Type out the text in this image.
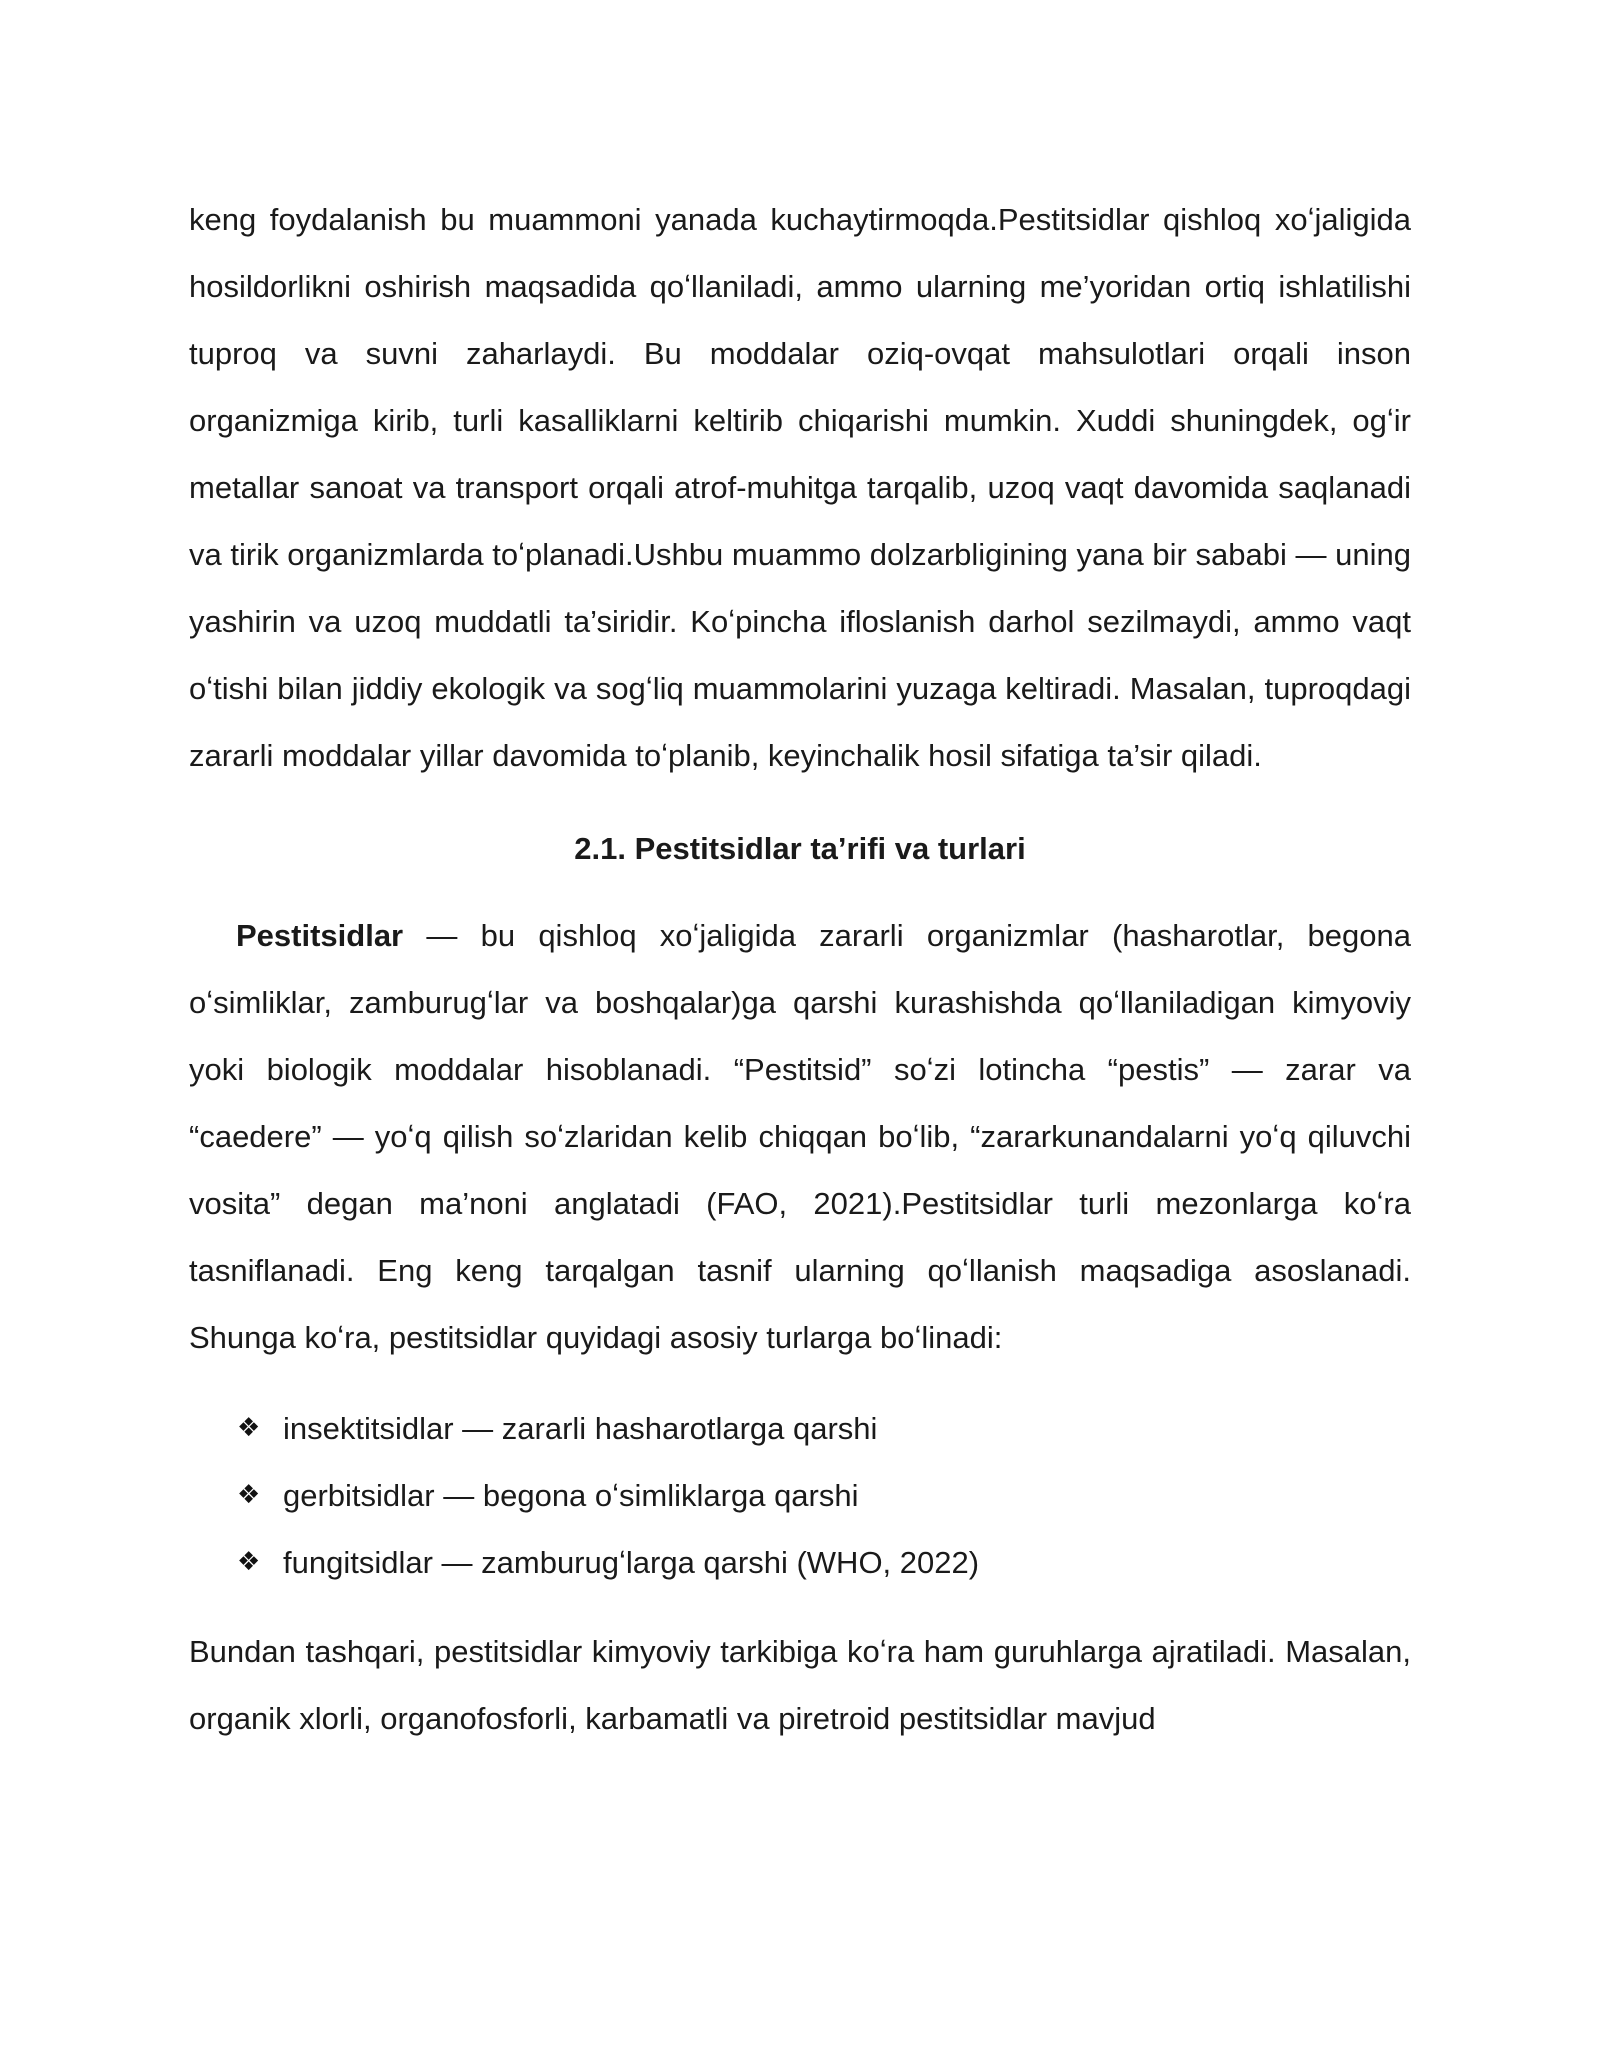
keng foydalanish bu muammoni yanada kuchaytirmoqda.Pestitsidlar qishloq xoʻjaligida hosildorlikni oshirish maqsadida qoʻllaniladi, ammo ularning me’yoridan ortiq ishlatilishi tuproq va suvni zaharlaydi. Bu moddalar oziq-ovqat mahsulotlari orqali inson organizmiga kirib, turli kasalliklarni keltirib chiqarishi mumkin. Xuddi shuningdek, ogʻir metallar sanoat va transport orqali atrof-muhitga tarqalib, uzoq vaqt davomida saqlanadi va tirik organizmlarda toʻplanadi.Ushbu muammo dolzarbligining yana bir sababi — uning yashirin va uzoq muddatli ta’siridir. Koʻpincha ifloslanish darhol sezilmaydi, ammo vaqt oʻtishi bilan jiddiy ekologik va sogʻliq muammolarini yuzaga keltiradi. Masalan, tuproqdagi zararli moddalar yillar davomida toʻplanib, keyinchalik hosil sifatiga ta’sir qiladi.

2.1. Pestitsidlar ta’rifi va turlari

Pestitsidlar — bu qishloq xoʻjaligida zararli organizmlar (hasharotlar, begona oʻsimliklar, zamburugʻlar va boshqalar)ga qarshi kurashishda qoʻllaniladigan kimyoviy yoki biologik moddalar hisoblanadi. “Pestitsid” soʻzi lotincha “pestis” — zarar va “caedere” — yoʻq qilish soʻzlaridan kelib chiqqan boʻlib, “zararkunandalarni yoʻq qiluvchi vosita” degan ma’noni anglatadi (FAO, 2021).Pestitsidlar turli mezonlarga koʻra tasniflanadi. Eng keng tarqalgan tasnif ularning qoʻllanish maqsadiga asoslanadi. Shunga koʻra, pestitsidlar quyidagi asosiy turlarga boʻlinadi:

❖ insektitsidlar — zararli hasharotlarga qarshi
❖ gerbitsidlar — begona oʻsimliklarga qarshi
❖ fungitsidlar — zamburugʻlarga qarshi (WHO, 2022)

Bundan tashqari, pestitsidlar kimyoviy tarkibiga koʻra ham guruhlarga ajratiladi. Masalan, organik xlorli, organofosforli, karbamatli va piretroid pestitsidlar mavjud
